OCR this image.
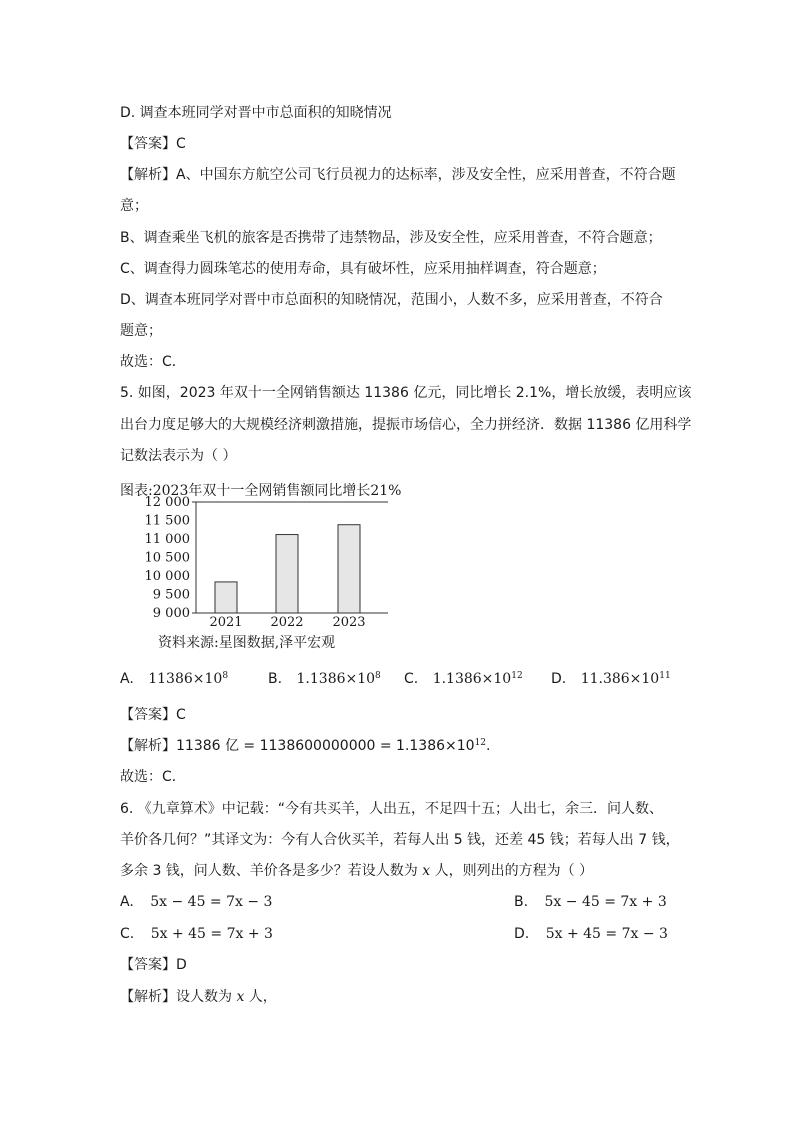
D. 调查本班同学对晋中市总面积的知晓情况
【答案】C
【解析】A、中国东方航空公司飞行员视力的达标率，涉及安全性，应采用普查，不符合题
意；
B、调查乘坐飞机的旅客是否携带了违禁物品，涉及安全性，应采用普查，不符合题意；
C、调查得力圆珠笔芯的使用寿命，具有破坏性，应采用抽样调查，符合题意；
D、调查本班同学对晋中市总面积的知晓情况，范围小，人数不多，应采用普查，不符合
题意；
故选：C．
5. 如图，2023 年双十一全网销售额达 11386 亿元，同比增长 2.1%，增长放缓，表明应该
出台力度足够大的大规模经济刺激措施，提振市场信心，全力拼经济．数据 11386 亿用科学
记数法表示为（ ）
图表:2023年双十一全网销售额同比增长21%
12 000
11 500
11 000
10 500
10 000
9 500
9 000
2021 2022 2023
资料来源:星图数据,泽平宏观
A. $11386\times 10^8$	B. $1.1386\times 10^8$ C. $1.1386\times 10^{12}$ D. $11.386\times 10^{11}$
【答案】C
【解析】11386 亿 = $1138600000000 = 1.1386\times 10^{12}$.
故选：C．
6. 《九章算术》中记载：“今有共买羊，人出五，不足四十五；人出七，余三．问人数、
羊价各几何？”其译文为：今有人合伙买羊，若每人出 5 钱，还差 45 钱；若每人出 7 钱，
多余 3 钱，问人数、羊价各是多少？若设人数为 x 人，则列出的方程为（ ）
A. 5x − 45 = 7x − 3	B. 5x − 45 = 7x + 3
C. 5x + 45 = 7x + 3	D. 5x + 45 = 7x − 3
【答案】D
【解析】设人数为 x 人，
